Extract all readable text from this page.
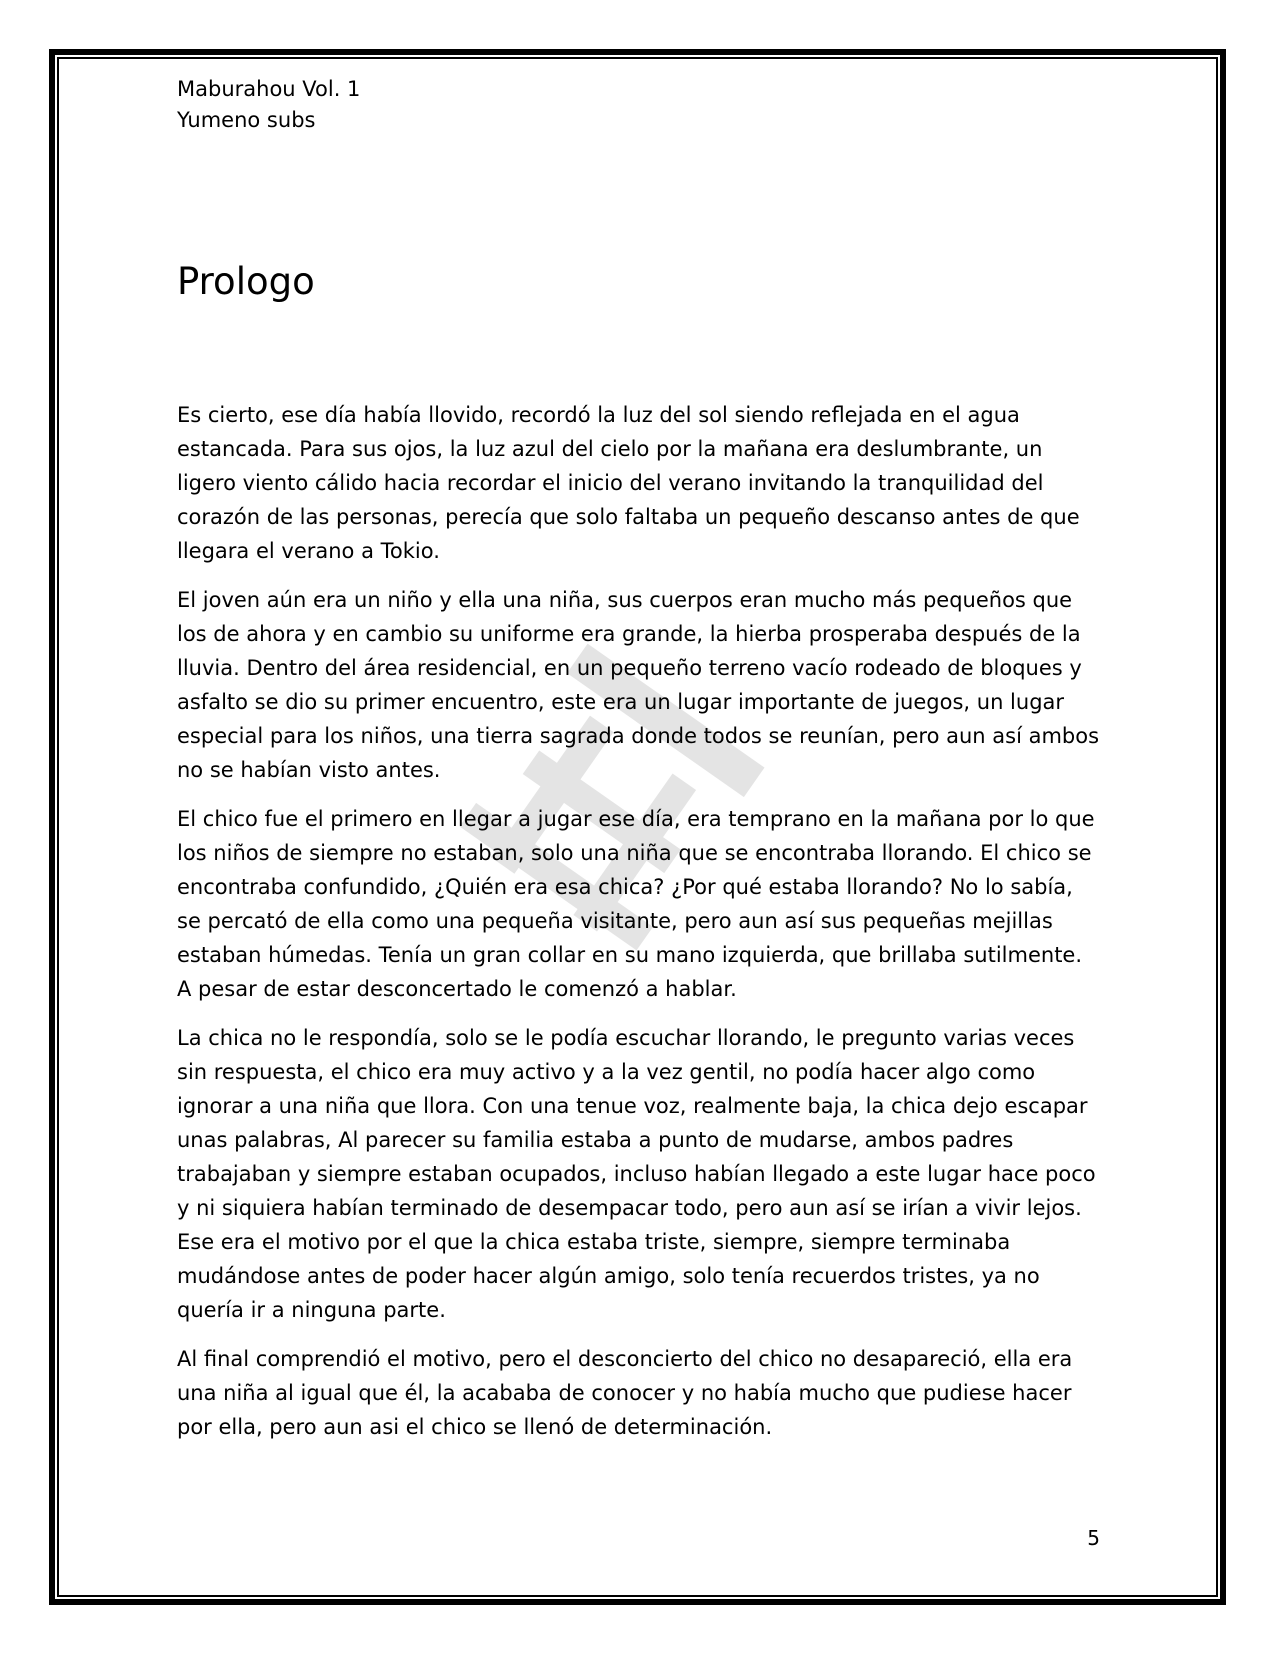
Maburahou Vol. 1
Yumeno subs
Prologo

Es cierto, ese día había llovido, recordó la luz del sol siendo reflejada en el agua estancada. Para sus ojos, la luz azul del cielo por la mañana era deslumbrante, un ligero viento cálido hacia recordar el inicio del verano invitando la tranquilidad del corazón de las personas, perecía que solo faltaba un pequeño descanso antes de que llegara el verano a Tokio.

El joven aún era un niño y ella una niña, sus cuerpos eran mucho más pequeños que los de ahora y en cambio su uniforme era grande, la hierba prosperaba después de la lluvia. Dentro del área residencial, en un pequeño terreno vacío rodeado de bloques y asfalto se dio su primer encuentro, este era un lugar importante de juegos, un lugar especial para los niños, una tierra sagrada donde todos se reunían, pero aun así ambos no se habían visto antes.

El chico fue el primero en llegar a jugar ese día, era temprano en la mañana por lo que los niños de siempre no estaban, solo una niña que se encontraba llorando. El chico se encontraba confundido, ¿Quién era esa chica? ¿Por qué estaba llorando? No lo sabía, se percató de ella como una pequeña visitante, pero aun así sus pequeñas mejillas estaban húmedas. Tenía un gran collar en su mano izquierda, que brillaba sutilmente. A pesar de estar desconcertado le comenzó a hablar.

La chica no le respondía, solo se le podía escuchar llorando, le pregunto varias veces sin respuesta, el chico era muy activo y a la vez gentil, no podía hacer algo como ignorar a una niña que llora. Con una tenue voz, realmente baja, la chica dejo escapar unas palabras, Al parecer su familia estaba a punto de mudarse, ambos padres trabajaban y siempre estaban ocupados, incluso habían llegado a este lugar hace poco y ni siquiera habían terminado de desempacar todo, pero aun así se irían a vivir lejos. Ese era el motivo por el que la chica estaba triste, siempre, siempre terminaba mudándose antes de poder hacer algún amigo, solo tenía recuerdos tristes, ya no quería ir a ninguna parte.

Al final comprendió el motivo, pero el desconcierto del chico no desapareció, ella era una niña al igual que él, la acababa de conocer y no había mucho que pudiese hacer por ella, pero aun asi el chico se llenó de determinación.

5
